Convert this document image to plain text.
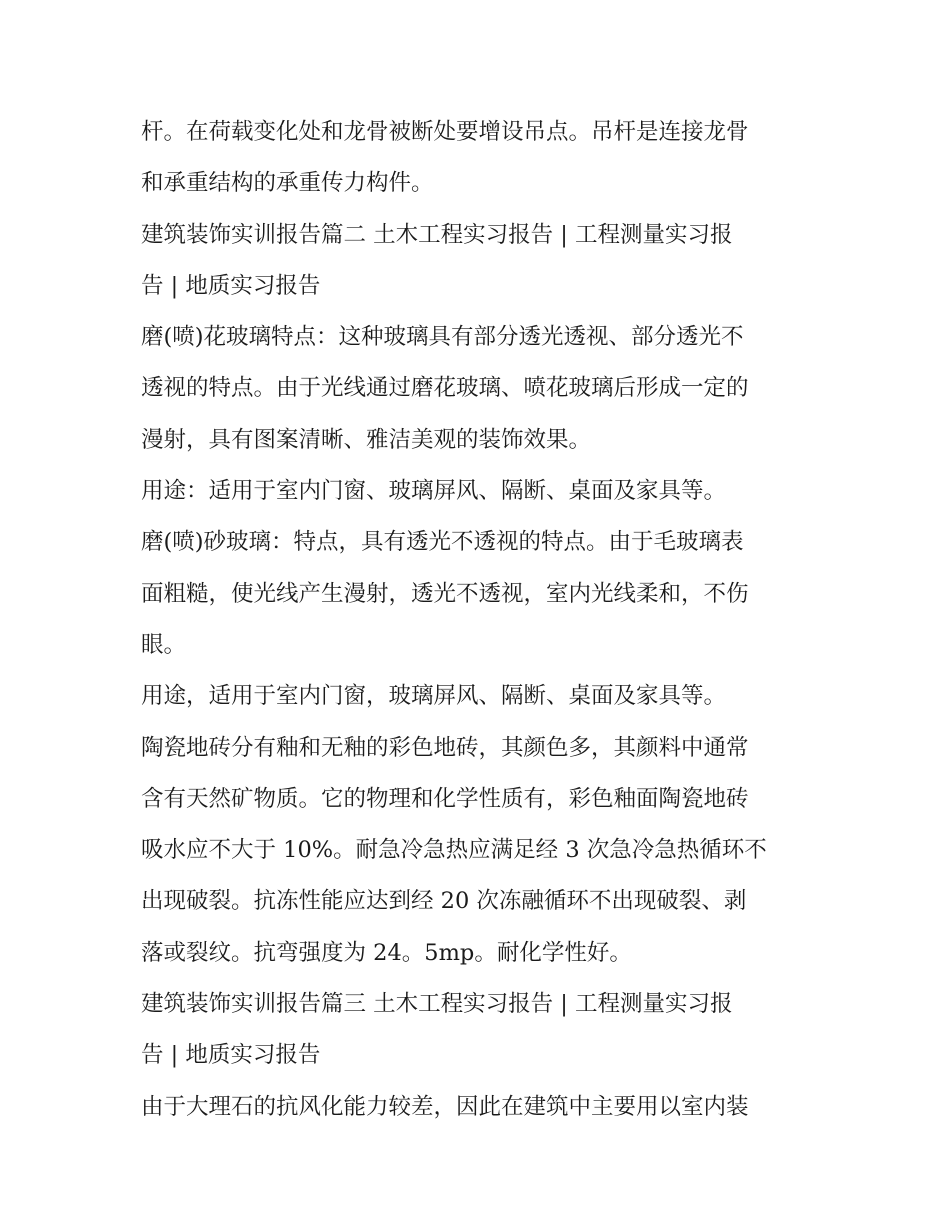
杆。在荷载变化处和龙骨被断处要增设吊点。吊杆是连接龙骨
和承重结构的承重传力构件。

建筑装饰实训报告篇二 土木工程实习报告 | 工程测量实习报
告 | 地质实习报告

磨(喷)花玻璃特点：这种玻璃具有部分透光透视、部分透光不
透视的特点。由于光线通过磨花玻璃、喷花玻璃后形成一定的
漫射，具有图案清晰、雅洁美观的装饰效果。

用途：适用于室内门窗、玻璃屏风、隔断、桌面及家具等。

磨(喷)砂玻璃：特点，具有透光不透视的特点。由于毛玻璃表
面粗糙，使光线产生漫射，透光不透视，室内光线柔和，不伤
眼。

用途，适用于室内门窗，玻璃屏风、隔断、桌面及家具等。

陶瓷地砖分有釉和无釉的彩色地砖，其颜色多，其颜料中通常
含有天然矿物质。它的物理和化学性质有，彩色釉面陶瓷地砖
吸水应不大于 10%。耐急冷急热应满足经 3 次急冷急热循环不
出现破裂。抗冻性能应达到经 20 次冻融循环不出现破裂、剥
落或裂纹。抗弯强度为 24。5mp。耐化学性好。

建筑装饰实训报告篇三 土木工程实习报告 | 工程测量实习报
告 | 地质实习报告

由于大理石的抗风化能力较差，因此在建筑中主要用以室内装
